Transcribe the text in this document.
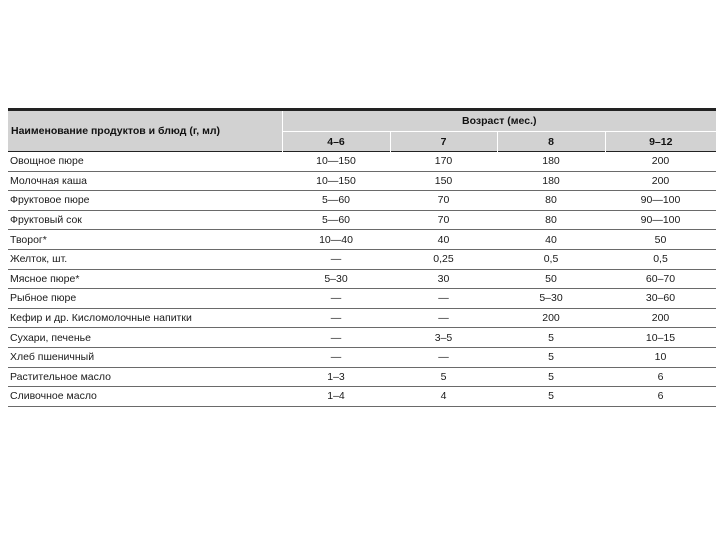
Наименование продуктов и блюд (г, мл)	Возраст (мес.)			
	4–6	7	8	9–12
Овощное пюре	10—150	170	180	200
Молочная каша	10—150	150	180	200
Фруктовое пюре	5—60	70	80	90—100
Фруктовый сок	5—60	70	80	90—100
Творог*	10—40	40	40	50
Желток, шт.	—	0,25	0,5	0,5
Мясное пюре*	5–30	30	50	60–70
Рыбное пюре	—	—	5–30	30–60
Кефир и др. Кисломолочные напитки	—	—	200	200
Сухари, печенье	—	3–5	5	10–15
Хлеб пшеничный	—	—	5	10
Растительное масло	1–3	5	5	6
Сливочное масло	1–4	4	5	6
